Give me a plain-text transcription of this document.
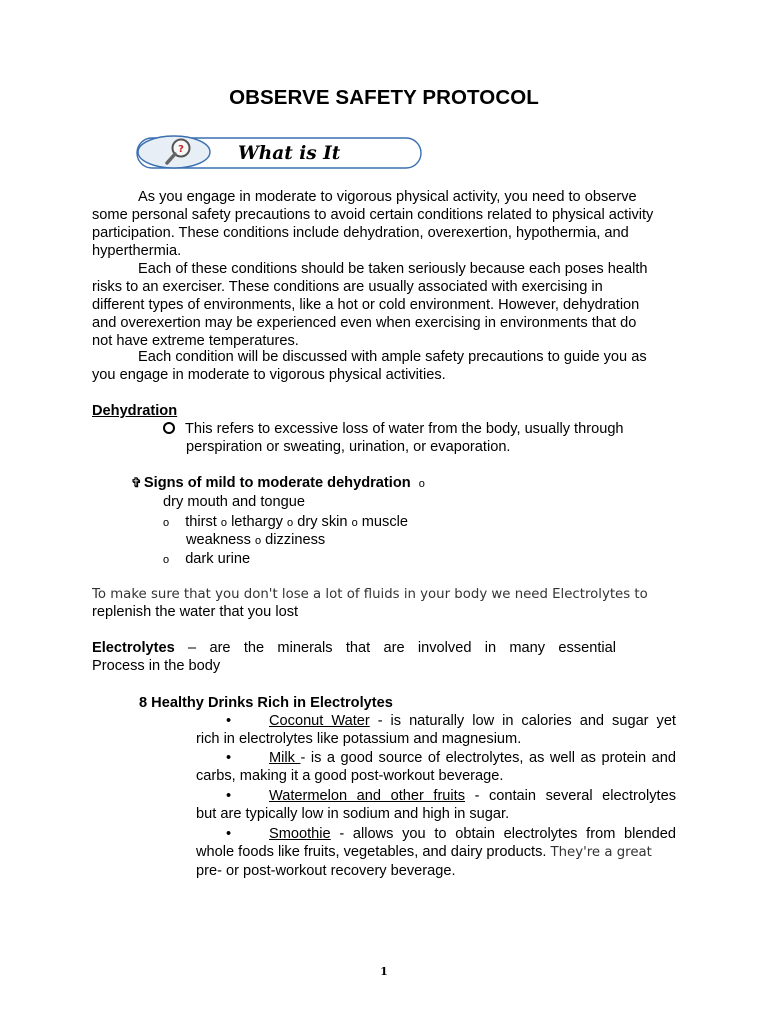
OBSERVE SAFETY PROTOCOL
?	What is It
As you engage in moderate to vigorous physical activity, you need to observe
some personal safety precautions to avoid certain conditions related to physical activity
participation. These conditions include dehydration, overexertion, hypothermia, and
hyperthermia.
Each of these conditions should be taken seriously because each poses health
risks to an exerciser. These conditions are usually associated with exercising in
different types of environments, like a hot or cold environment. However, dehydration
and overexertion may be experienced even when exercising in environments that do
not have extreme temperatures.
Each condition will be discussed with ample safety precautions to guide you as
you engage in moderate to vigorous physical activities.
Dehydration
This refers to excessive loss of water from the body, usually through
perspiration or sweating, urination, or evaporation.
✞ Signs of mild to moderate dehydration o
dry mouth and tongue
o thirst o lethargy o dry skin o muscle
weakness o dizziness
o dark urine
To make sure that you don't lose a lot of fluids in your body we need Electrolytes to
replenish the water that you lost
Electrolytes – are the minerals that are involved in many essential
Process in the body
8 Healthy Drinks Rich in Electrolytes
•	Coconut Water - is naturally low in calories and sugar yet
rich in electrolytes like potassium and magnesium.
•	Milk - is a good source of electrolytes, as well as protein and
carbs, making it a good post-workout beverage.
•	Watermelon and other fruits - contain several electrolytes
but are typically low in sodium and high in sugar.
•	Smoothie - allows you to obtain electrolytes from blended
whole foods like fruits, vegetables, and dairy products. They're a great
pre- or post-workout recovery beverage.
1
